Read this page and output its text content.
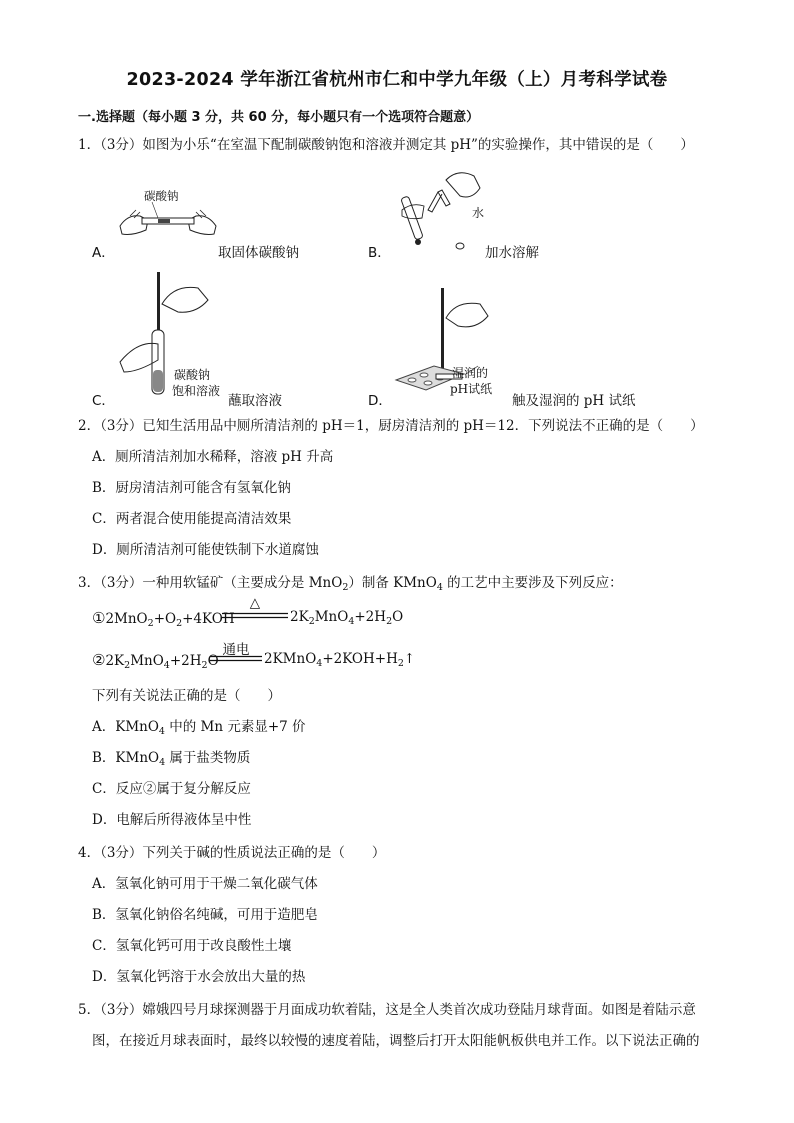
2023-2024 学年浙江省杭州市仁和中学九年级（上）月考科学试卷
一.选择题（每小题 3 分，共 60 分，每小题只有一个选项符合题意）
1．（3分）如图为小乐“在室温下配制碳酸钠饱和溶液并测定其 pH”的实验操作，其中错误的是（　　）
A．
碳酸钠
取固体碳酸钠	B．
水
加水溶解
C．
碳酸钠
饱和溶液
蘸取溶液	D．
湿润的
pH试纸
触及湿润的 pH 试纸
2．（3分）已知生活用品中厕所清洁剂的 pH＝1，厨房清洁剂的 pH＝12．下列说法不正确的是（　　）
A．厕所清洁剂加水稀释，溶液 pH 升高
B．厨房清洁剂可能含有氢氧化钠
C．两者混合使用能提高清洁效果
D．厕所清洁剂可能使铁制下水道腐蚀
3．（3分）一种用软锰矿（主要成分是 MnO$_2$）制备 KMnO$_4$ 的工艺中主要涉及下列反应：
$①2MnO_2+O_2+4KOH$
△
$2K_2MnO_4+2H_2O$
$②2K_2MnO_4+2H_2O$
通电
$2KMnO_4+2KOH+H_2↑$
下列有关说法正确的是（　　）
A．KMnO$_4$ 中的 Mn 元素显+7 价
B．KMnO$_4$ 属于盐类物质
C．反应②属于复分解反应
D．电解后所得液体呈中性
4．（3分）下列关于碱的性质说法正确的是（　　）
A．氢氧化钠可用于干燥二氧化碳气体
B．氢氧化钠俗名纯碱，可用于造肥皂
C．氢氧化钙可用于改良酸性土壤
D．氢氧化钙溶于水会放出大量的热
5．（3分）嫦娥四号月球探测器于月面成功软着陆，这是全人类首次成功登陆月球背面。如图是着陆示意
图，在接近月球表面时，最终以较慢的速度着陆，调整后打开太阳能帆板供电并工作。以下说法正确的
